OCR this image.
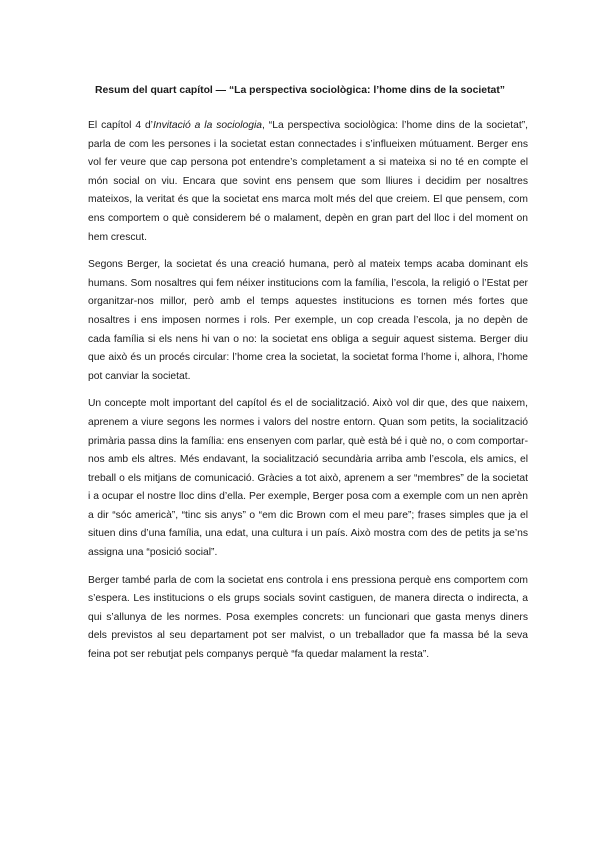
Resum del quart capítol — “La perspectiva sociològica: l’home dins de la societat”

El capítol 4 d’Invitació a la sociologia, “La perspectiva sociològica: l’home dins de la societat”, parla de com les persones i la societat estan connectades i s’influeixen mútuament. Berger ens vol fer veure que cap persona pot entendre’s completament a si mateixa si no té en compte el món social on viu. Encara que sovint ens pensem que som lliures i decidim per nosaltres mateixos, la veritat és que la societat ens marca molt més del que creiem. El que pensem, com ens comportem o què considerem bé o malament, depèn en gran part del lloc i del moment on hem crescut.

Segons Berger, la societat és una creació humana, però al mateix temps acaba dominant els humans. Som nosaltres qui fem néixer institucions com la família, l’escola, la religió o l’Estat per organitzar-nos millor, però amb el temps aquestes institucions es tornen més fortes que nosaltres i ens imposen normes i rols. Per exemple, un cop creada l’escola, ja no depèn de cada família si els nens hi van o no: la societat ens obliga a seguir aquest sistema. Berger diu que això és un procés circular: l’home crea la societat, la societat forma l’home i, alhora, l’home pot canviar la societat.

Un concepte molt important del capítol és el de socialització. Això vol dir que, des que naixem, aprenem a viure segons les normes i valors del nostre entorn. Quan som petits, la socialització primària passa dins la família: ens ensenyen com parlar, què està bé i què no, o com comportar-nos amb els altres. Més endavant, la socialització secundària arriba amb l’escola, els amics, el treball o els mitjans de comunicació. Gràcies a tot això, aprenem a ser “membres” de la societat i a ocupar el nostre lloc dins d’ella. Per exemple, Berger posa com a exemple com un nen aprèn a dir “sóc americà”, “tinc sis anys” o “em dic Brown com el meu pare”; frases simples que ja el situen dins d’una família, una edat, una cultura i un país. Això mostra com des de petits ja se’ns assigna una “posició social”.

Berger també parla de com la societat ens controla i ens pressiona perquè ens comportem com s’espera. Les institucions o els grups socials sovint castiguen, de manera directa o indirecta, a qui s’allunya de les normes. Posa exemples concrets: un funcionari que gasta menys diners dels previstos al seu departament pot ser malvist, o un treballador que fa massa bé la seva feina pot ser rebutjat pels companys perquè “fa quedar malament la resta”.
